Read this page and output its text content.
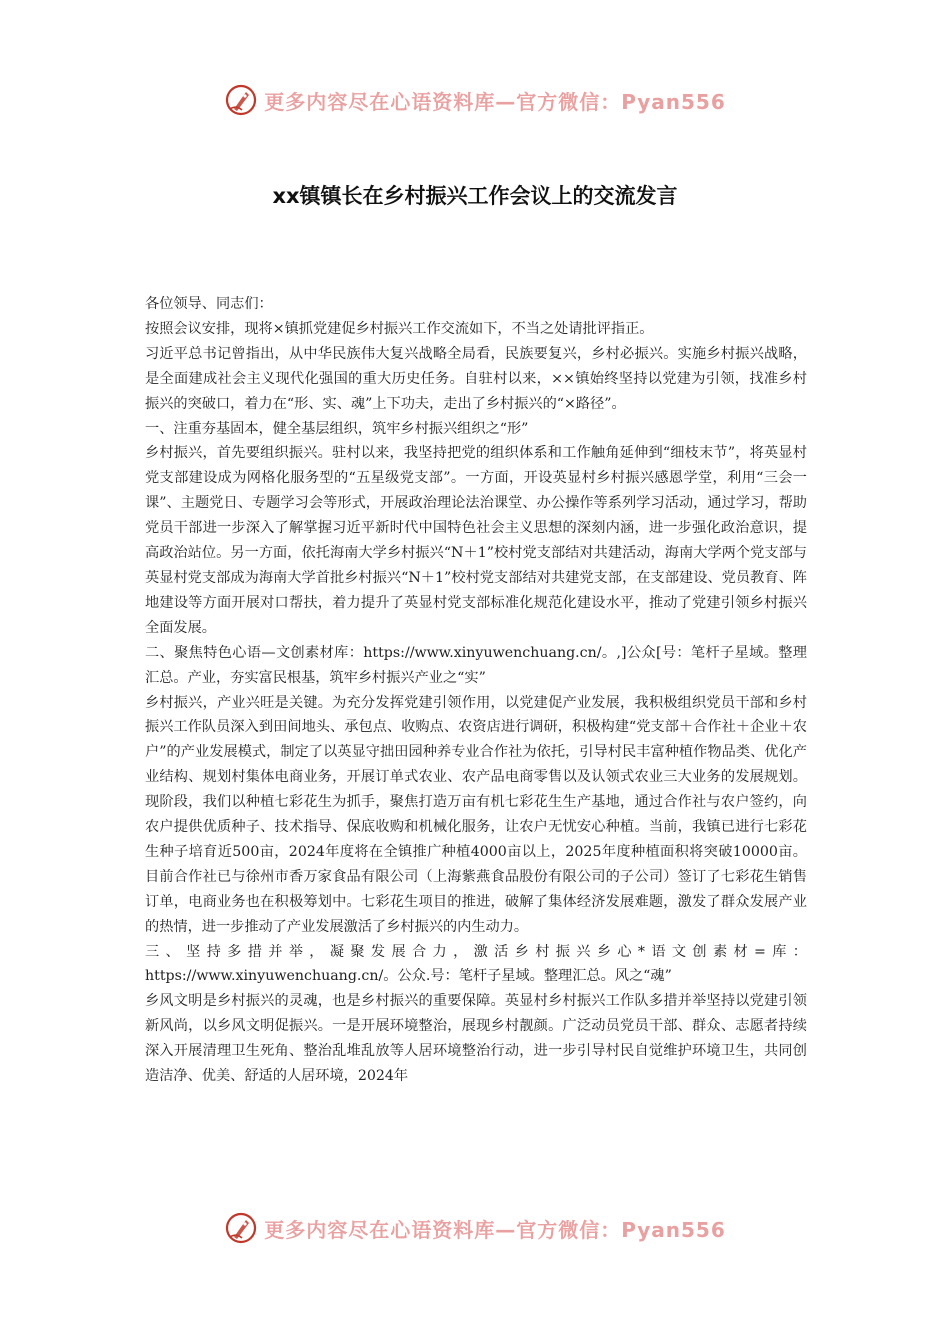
更多内容尽在心语资料库—官方微信：Pyan556
xx镇镇长在乡村振兴工作会议上的交流发言

各位领导、同志们：

按照会议安排，现将×镇抓党建促乡村振兴工作交流如下，不当之处请批评指正。

习近平总书记曾指出，从中华民族伟大复兴战略全局看，民族要复兴，乡村必振兴。实施乡村振兴战略，是全面建成社会主义现代化强国的重大历史任务。自驻村以来，××镇始终坚持以党建为引领，找准乡村振兴的突破口，着力在“形、实、魂”上下功夫，走出了乡村振兴的“×路径”。

一、注重夯基固本，健全基层组织，筑牢乡村振兴组织之“形”

乡村振兴，首先要组织振兴。驻村以来，我坚持把党的组织体系和工作触角延伸到“细枝末节”，将英显村党支部建设成为网格化服务型的“五星级党支部”。一方面，开设英显村乡村振兴感恩学堂，利用“三会一课”、主题党日、专题学习会等形式，开展政治理论法治课堂、办公操作等系列学习活动，通过学习，帮助党员干部进一步深入了解掌握习近平新时代中国特色社会主义思想的深刻内涵，进一步强化政治意识，提高政治站位。另一方面，依托海南大学乡村振兴“N＋1”校村党支部结对共建活动，海南大学两个党支部与英显村党支部成为海南大学首批乡村振兴“N＋1”校村党支部结对共建党支部，在支部建设、党员教育、阵地建设等方面开展对口帮扶，着力提升了英显村党支部标准化规范化建设水平，推动了党建引领乡村振兴全面发展。

二、聚焦特色心语—文创素材库：https://www.xinyuwenchuang.cn/。,]公众[号：笔杆子星域。整理汇总。产业，夯实富民根基，筑牢乡村振兴产业之“实”

乡村振兴，产业兴旺是关键。为充分发挥党建引领作用，以党建促产业发展，我积极组织党员干部和乡村振兴工作队员深入到田间地头、承包点、收购点、农资店进行调研，积极构建“党支部＋合作社＋企业＋农户”的产业发展模式，制定了以英显守拙田园种养专业合作社为依托，引导村民丰富种植作物品类、优化产业结构、规划村集体电商业务，开展订单式农业、农产品电商零售以及认领式农业三大业务的发展规划。现阶段，我们以种植七彩花生为抓手，聚焦打造万亩有机七彩花生生产基地，通过合作社与农户签约，向农户提供优质种子、技术指导、保底收购和机械化服务，让农户无忧安心种植。当前，我镇已进行七彩花生种子培育近500亩，2024年度将在全镇推广种植4000亩以上，2025年度种植面积将突破10000亩。目前合作社已与徐州市香万家食品有限公司（上海紫燕食品股份有限公司的子公司）签订了七彩花生销售订单，电商业务也在积极筹划中。七彩花生项目的推进，破解了集体经济发展难题，激发了群众发展产业的热情，进一步推动了产业发展激活了乡村振兴的内生动力。

三、坚持多措并举，凝聚发展合力，激活乡村振兴乡心*语文创素材=库：https://www.xinyuwenchuang.cn/。公众.号：笔杆子星域。整理汇总。风之“魂”

乡风文明是乡村振兴的灵魂，也是乡村振兴的重要保障。英显村乡村振兴工作队多措并举坚持以党建引领新风尚，以乡风文明促振兴。一是开展环境整治，展现乡村靓颜。广泛动员党员干部、群众、志愿者持续深入开展清理卫生死角、整治乱堆乱放等人居环境整治行动，进一步引导村民自觉维护环境卫生，共同创造洁净、优美、舒适的人居环境，2024年

更多内容尽在心语资料库—官方微信：Pyan556
